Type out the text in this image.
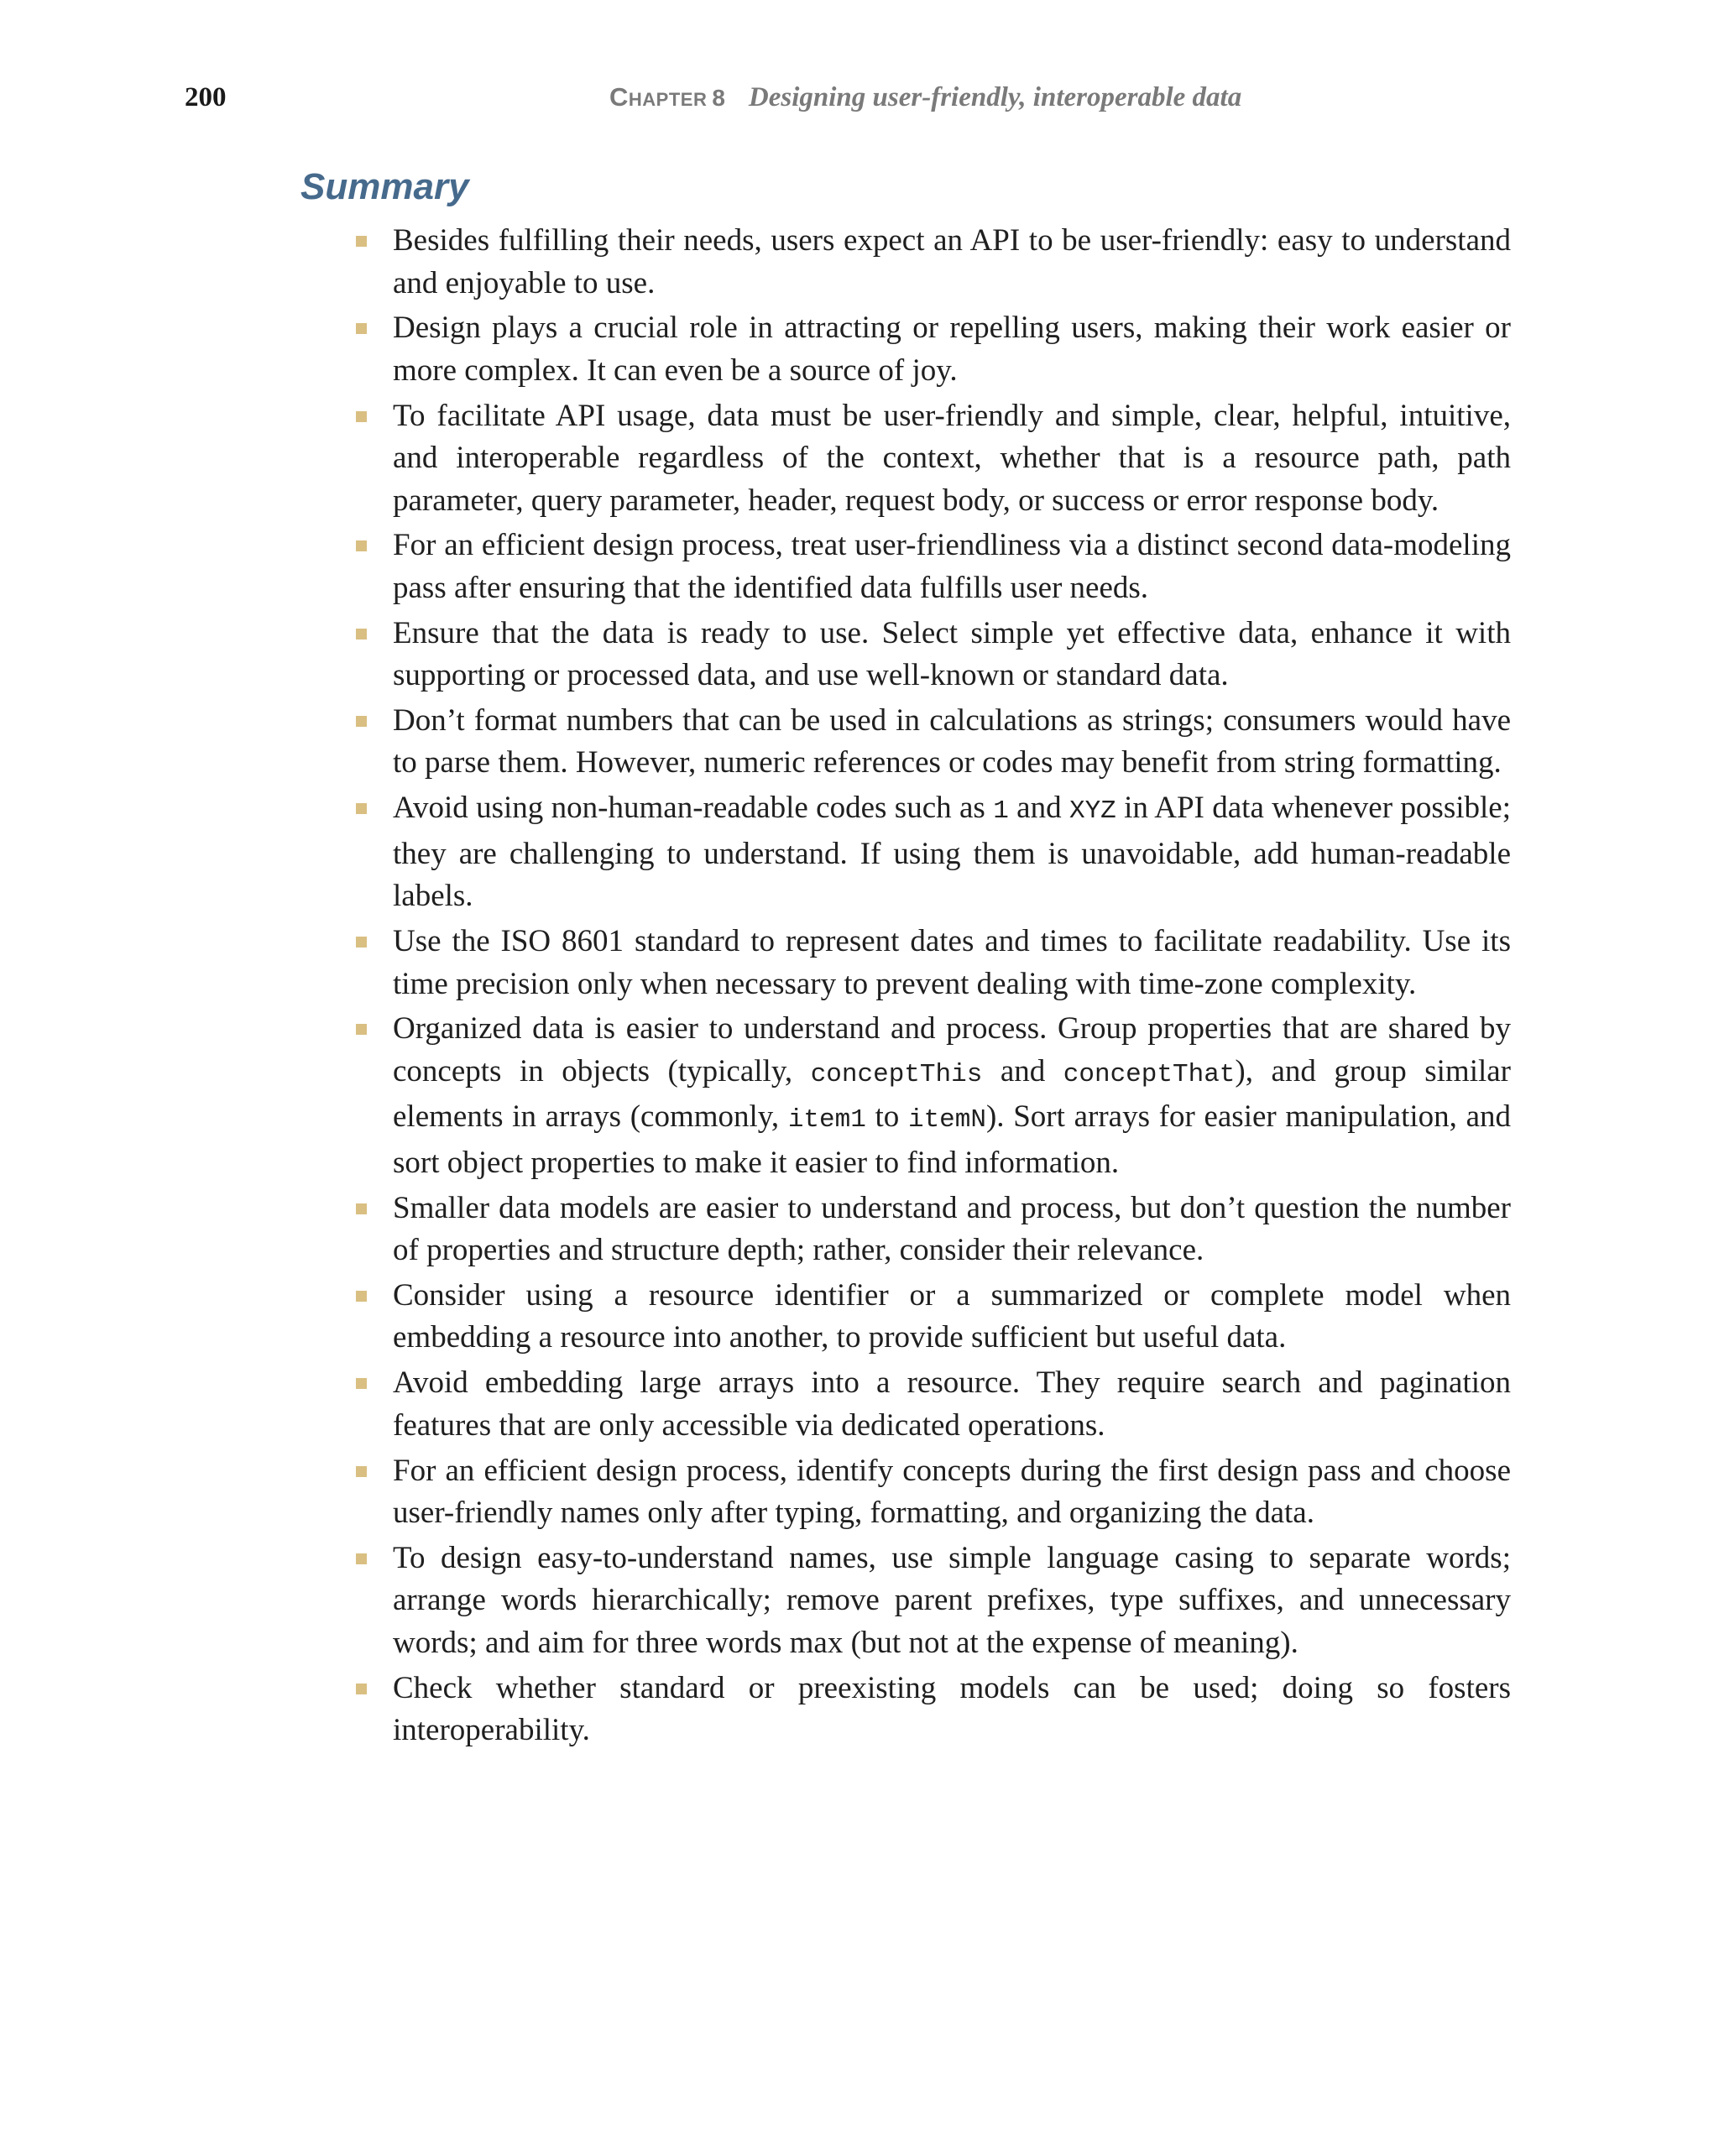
200	Chapter 8 Designing user-friendly, interoperable data
Summary
Besides fulfilling their needs, users expect an API to be user-friendly: easy to understand and enjoyable to use.
Design plays a crucial role in attracting or repelling users, making their work easier or more complex. It can even be a source of joy.
To facilitate API usage, data must be user-friendly and simple, clear, helpful, intuitive, and interoperable regardless of the context, whether that is a resource path, path parameter, query parameter, header, request body, or success or error response body.
For an efficient design process, treat user-friendliness via a distinct second data-modeling pass after ensuring that the identified data fulfills user needs.
Ensure that the data is ready to use. Select simple yet effective data, enhance it with supporting or processed data, and use well-known or standard data.
Don’t format numbers that can be used in calculations as strings; consumers would have to parse them. However, numeric references or codes may benefit from string formatting.
Avoid using non-human-readable codes such as 1 and XYZ in API data whenever possible; they are challenging to understand. If using them is unavoidable, add human-readable labels.
Use the ISO 8601 standard to represent dates and times to facilitate readability. Use its time precision only when necessary to prevent dealing with time-zone complexity.
Organized data is easier to understand and process. Group properties that are shared by concepts in objects (typically, conceptThis and conceptThat), and group similar elements in arrays (commonly, item1 to itemN). Sort arrays for easier manipulation, and sort object properties to make it easier to find information.
Smaller data models are easier to understand and process, but don’t question the number of properties and structure depth; rather, consider their relevance.
Consider using a resource identifier or a summarized or complete model when embedding a resource into another, to provide sufficient but useful data.
Avoid embedding large arrays into a resource. They require search and pagination features that are only accessible via dedicated operations.
For an efficient design process, identify concepts during the first design pass and choose user-friendly names only after typing, formatting, and organizing the data.
To design easy-to-understand names, use simple language casing to separate words; arrange words hierarchically; remove parent prefixes, type suffixes, and unnecessary words; and aim for three words max (but not at the expense of meaning).
Check whether standard or preexisting models can be used; doing so fosters interoperability.
